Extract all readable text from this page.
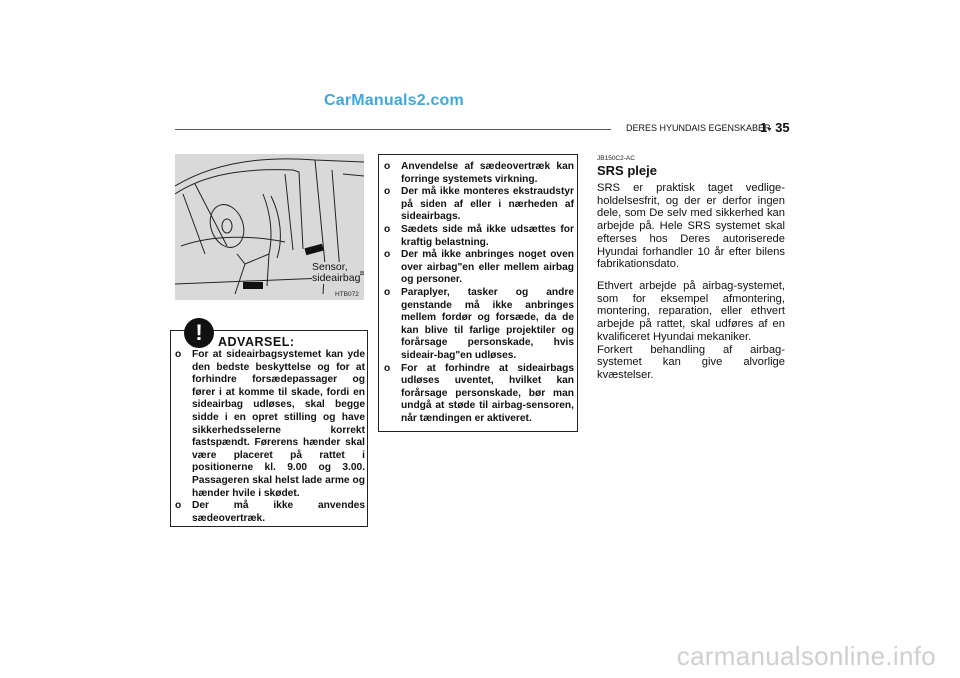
CarManuals2.com
DERES HYUNDAIS EGENSKABER
1- 35
Sensor,
sideairbag
HTB072
!	ADVARSEL:
o For at sideairbagsystemet kan yde den bedste beskyttelse og for at forhindre forsædepassager og fører i at komme til skade, fordi en sideairbag udløses, skal begge sidde i en opret stilling og have sikkerhedsselerne korrekt fastspændt. Førerens hænder skal være placeret på rattet i positionerne kl. 9.00 og 3.00. Passageren skal helst lade arme og hænder hvile i skødet.
o Der må ikke anvendes sædeovertræk.
o Anvendelse af sædeovertræk kan forringe systemets virkning.
o Der må ikke monteres ekstraudstyr på siden af eller i nærheden af sideairbags.
o Sædets side må ikke udsættes for kraftig belastning.
o Der må ikke anbringes noget oven over airbag"en eller mellem airbag og personer.
o Paraplyer, tasker og andre genstande må ikke anbringes mellem fordør og forsæde, da de kan blive til farlige projektiler og forårsage personskade, hvis sideair-bag"en udløses.
o For at forhindre at sideairbags udløses uventet, hvilket kan forårsage personskade, bør man undgå at støde til airbag-sensoren, når tændingen er aktiveret.
JB150C2-AC
SRS pleje

SRS er praktisk taget vedlige-holdelsesfrit, og der er derfor ingen dele, som De selv med sikkerhed kan arbejde på. Hele SRS systemet skal efterses hos Deres autoriserede Hyundai forhandler 10 år efter bilens fabrikationsdato.

Ethvert arbejde på airbag-systemet, som for eksempel afmontering, montering, reparation, eller ethvert arbejde på rattet, skal udføres af en kvalificeret Hyundai mekaniker.
Forkert behandling af airbag-systemet kan give alvorlige kvæstelser.
carmanualsonline.info
